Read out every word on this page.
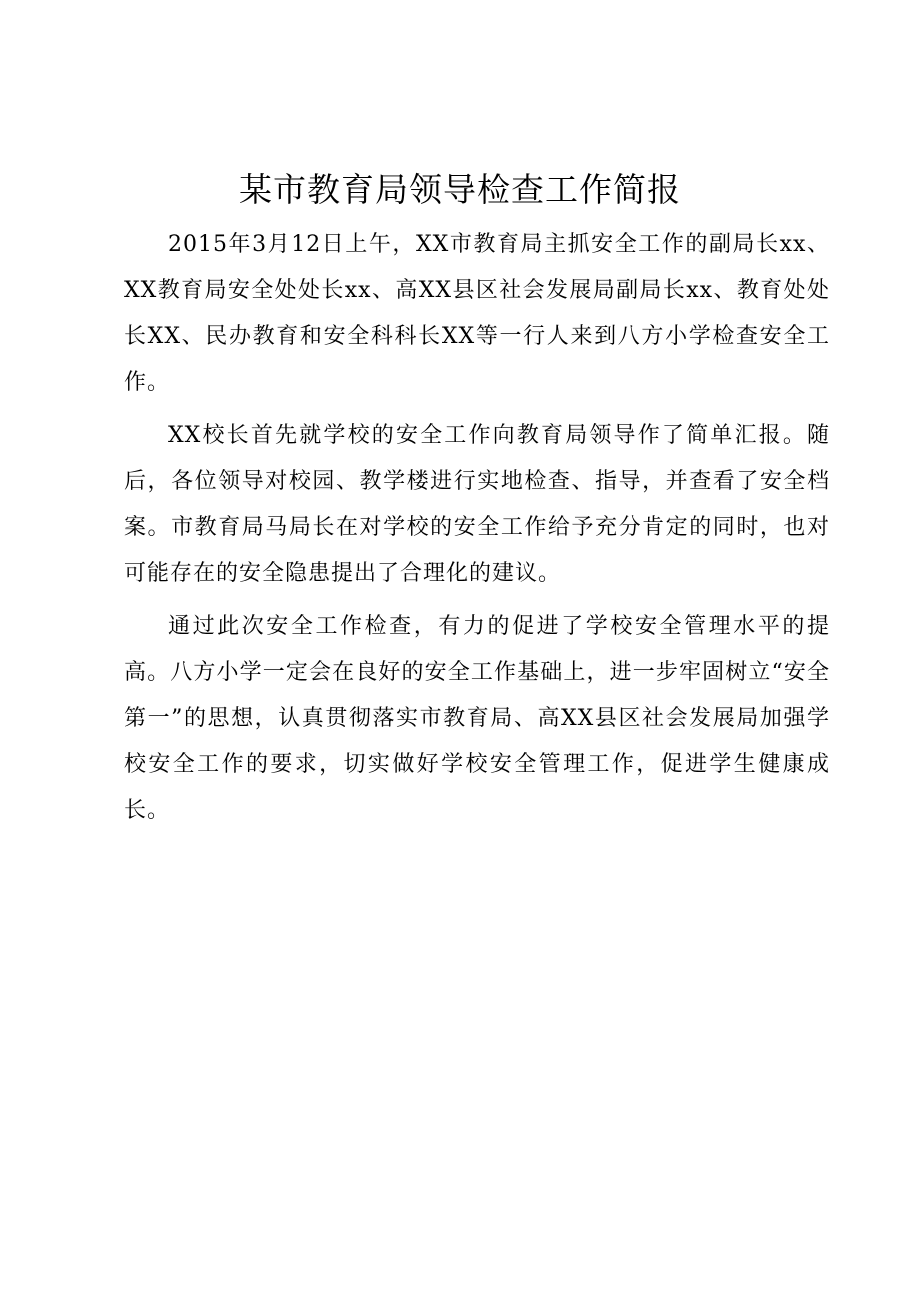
某市教育局领导检查工作简报

2015年3月12日上午，XX市教育局主抓安全工作的副局长xx、XX教育局安全处处长xx、高XX县区社会发展局副局长xx、教育处处长XX、民办教育和安全科科长XX等一行人来到八方小学检查安全工作。

XX校长首先就学校的安全工作向教育局领导作了简单汇报。随后，各位领导对校园、教学楼进行实地检查、指导，并查看了安全档案。市教育局马局长在对学校的安全工作给予充分肯定的同时，也对可能存在的安全隐患提出了合理化的建议。

通过此次安全工作检查，有力的促进了学校安全管理水平的提高。八方小学一定会在良好的安全工作基础上，进一步牢固树立“安全第一”的思想，认真贯彻落实市教育局、高XX县区社会发展局加强学校安全工作的要求，切实做好学校安全管理工作，促进学生健康成长。
